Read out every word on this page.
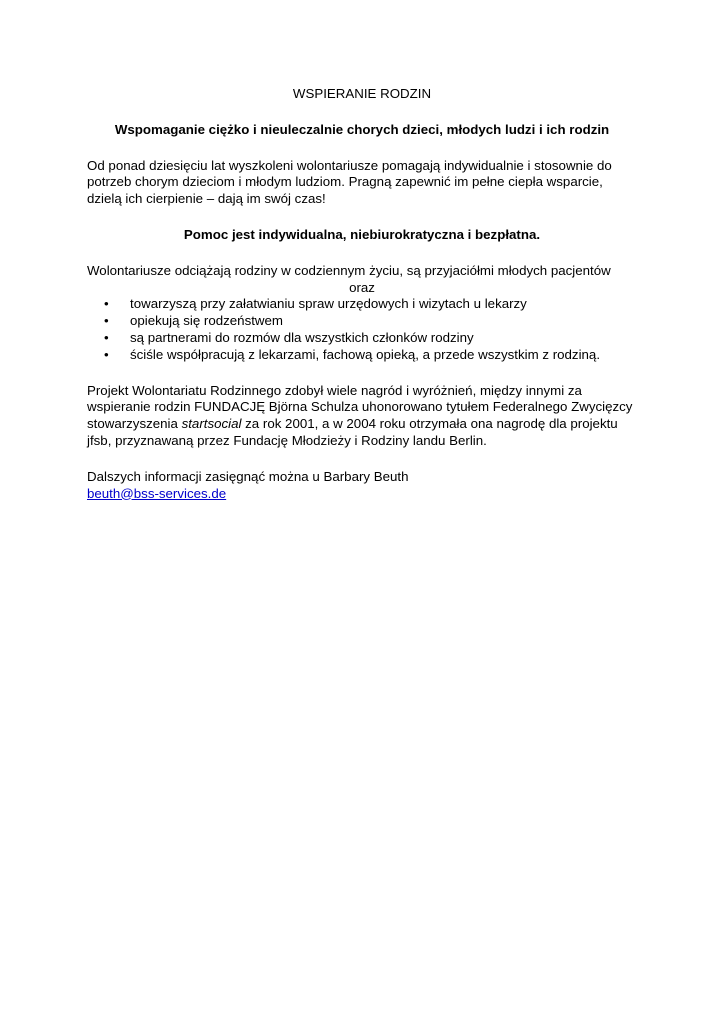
WSPIERANIE RODZIN

Wspomaganie ciężko i nieuleczalnie chorych dzieci, młodych ludzi i ich rodzin

Od ponad dziesięciu lat wyszkoleni wolontariusze pomagają indywidualnie i stosownie do potrzeb chorym dzieciom i młodym ludziom. Pragną zapewnić im pełne ciepła wsparcie, dzielą ich cierpienie – dają im swój czas!

Pomoc jest indywidualna, niebiurokratyczna i bezpłatna.

Wolontariusze odciążają rodziny w codziennym życiu, są przyjaciółmi młodych pacjentów

oraz

•	towarzyszą przy załatwianiu spraw urzędowych i wizytach u lekarzy
•	opiekują się rodzeństwem
•	są partnerami do rozmów dla wszystkich członków rodziny
•	ściśle współpracują z lekarzami, fachową opieką, a przede wszystkim z rodziną.

Projekt Wolontariatu Rodzinnego zdobył wiele nagród i wyróżnień, między innymi za wspieranie rodzin FUNDACJĘ Björna Schulza uhonorowano tytułem Federalnego Zwycięzcy stowarzyszenia startsocial za rok 2001, a w 2004 roku otrzymała ona nagrodę dla projektu jfsb, przyznawaną przez Fundację Młodzieży i Rodziny landu Berlin.

Dalszych informacji zasięgnąć można u Barbary Beuth

beuth@bss-services.de
